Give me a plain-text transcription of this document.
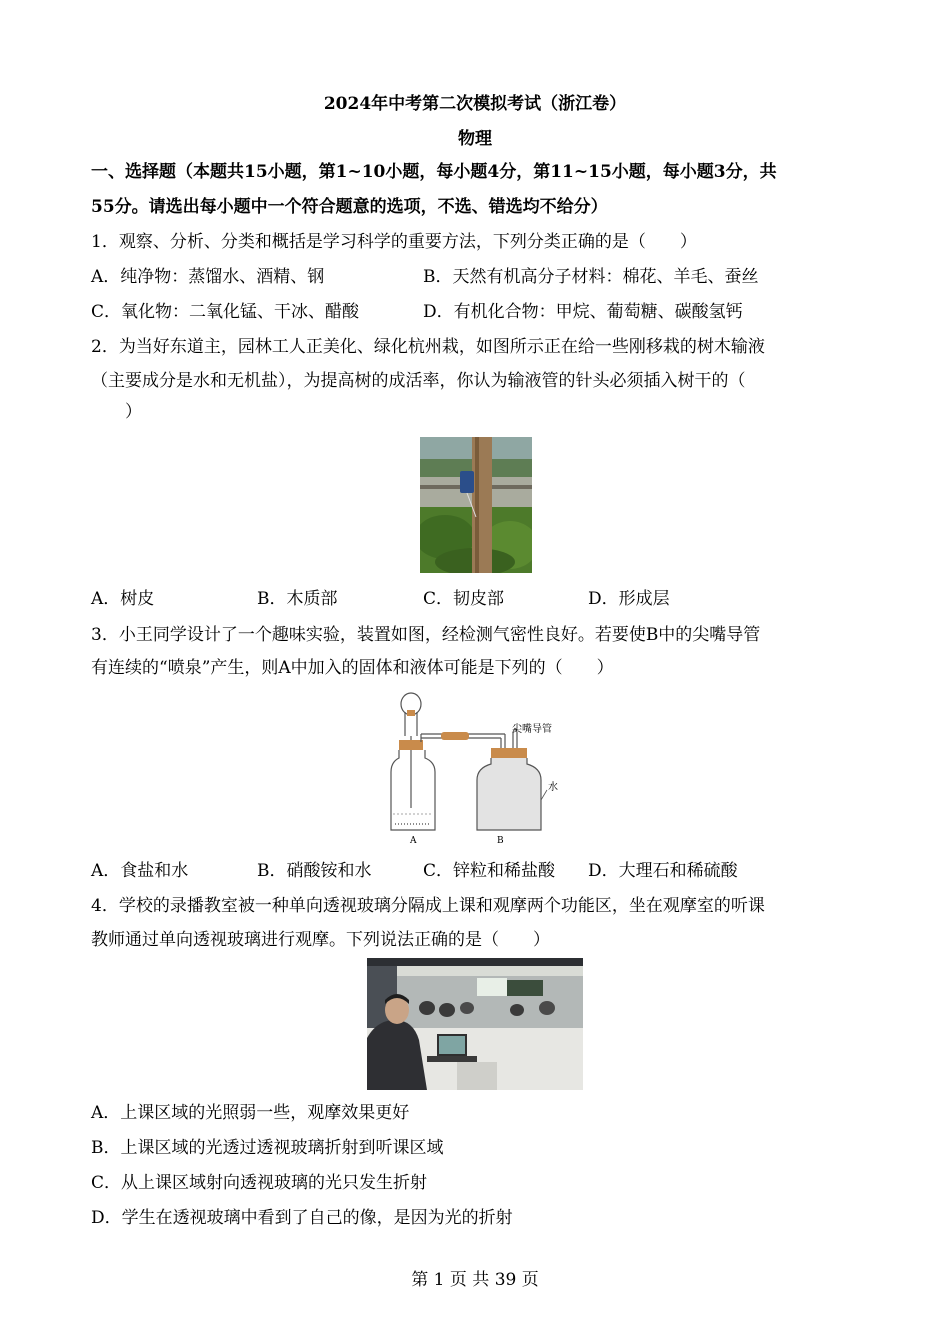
2024年中考第二次模拟考试（浙江卷）
物理
一、选择题（本题共15小题，第1~10小题，每小题4分，第11~15小题，每小题3分，共
55分。请选出每小题中一个符合题意的选项，不选、错选均不给分）
1．观察、分析、分类和概括是学习科学的重要方法，下列分类正确的是（　　）
A．纯净物：蒸馏水、酒精、钢	B．天然有机高分子材料：棉花、羊毛、蚕丝
C．氧化物：二氧化锰、干冰、醋酸	D．有机化合物：甲烷、葡萄糖、碳酸氢钙
2．为当好东道主，园林工人正美化、绿化杭州栽，如图所示正在给一些刚移栽的树木输液
（主要成分是水和无机盐），为提高树的成活率，你认为输液管的针头必须插入树干的（
　　）
A．树皮	B．木质部	C．韧皮部	D．形成层
3．小王同学设计了一个趣味实验，装置如图，经检测气密性良好。若要使B中的尖嘴导管
有连续的“喷泉”产生，则A中加入的固体和液体可能是下列的（　　）
尖嘴导管
水
A	B
A．食盐和水	B．硝酸铵和水	C．锌粒和稀盐酸 D．大理石和稀硫酸
4．学校的录播教室被一种单向透视玻璃分隔成上课和观摩两个功能区，坐在观摩室的听课
教师通过单向透视玻璃进行观摩。下列说法正确的是（　　）
A．上课区域的光照弱一些，观摩效果更好
B．上课区域的光透过透视玻璃折射到听课区域
C．从上课区域射向透视玻璃的光只发生折射
D．学生在透视玻璃中看到了自己的像，是因为光的折射
第 1 页 共 39 页
